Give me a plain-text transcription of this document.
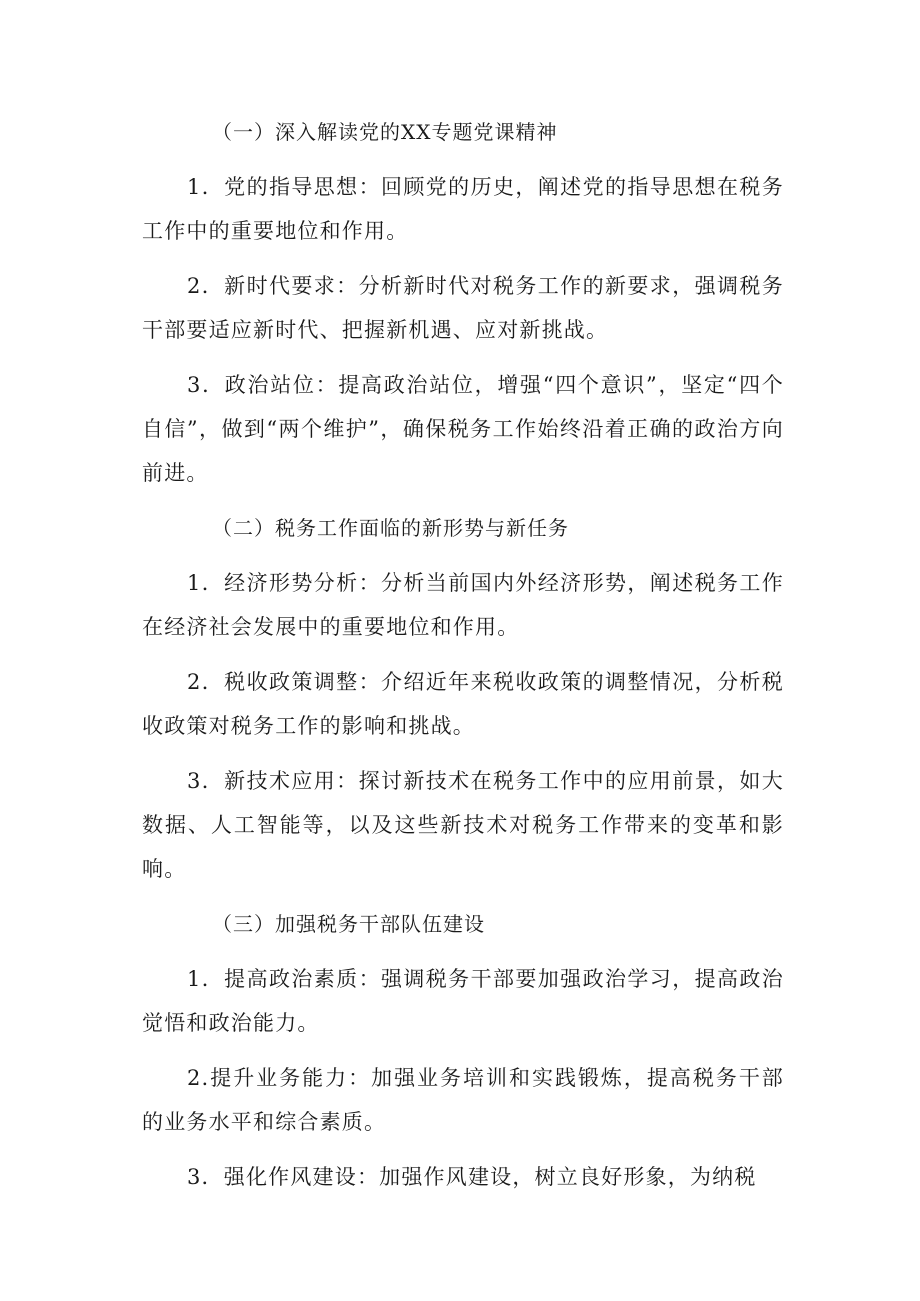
（一）深入解读党的XX专题党课精神

1．党的指导思想：回顾党的历史，阐述党的指导思想在税务工作中的重要地位和作用。

2．新时代要求：分析新时代对税务工作的新要求，强调税务干部要适应新时代、把握新机遇、应对新挑战。

3．政治站位：提高政治站位，增强“四个意识”，坚定“四个自信”，做到“两个维护”，确保税务工作始终沿着正确的政治方向前进。

（二）税务工作面临的新形势与新任务

1．经济形势分析：分析当前国内外经济形势，阐述税务工作在经济社会发展中的重要地位和作用。

2．税收政策调整：介绍近年来税收政策的调整情况，分析税收政策对税务工作的影响和挑战。

3．新技术应用：探讨新技术在税务工作中的应用前景，如大数据、人工智能等，以及这些新技术对税务工作带来的变革和影响。

（三）加强税务干部队伍建设

1．提高政治素质：强调税务干部要加强政治学习，提高政治觉悟和政治能力。

2.提升业务能力：加强业务培训和实践锻炼，提高税务干部的业务水平和综合素质。

3．强化作风建设：加强作风建设，树立良好形象，为纳税
